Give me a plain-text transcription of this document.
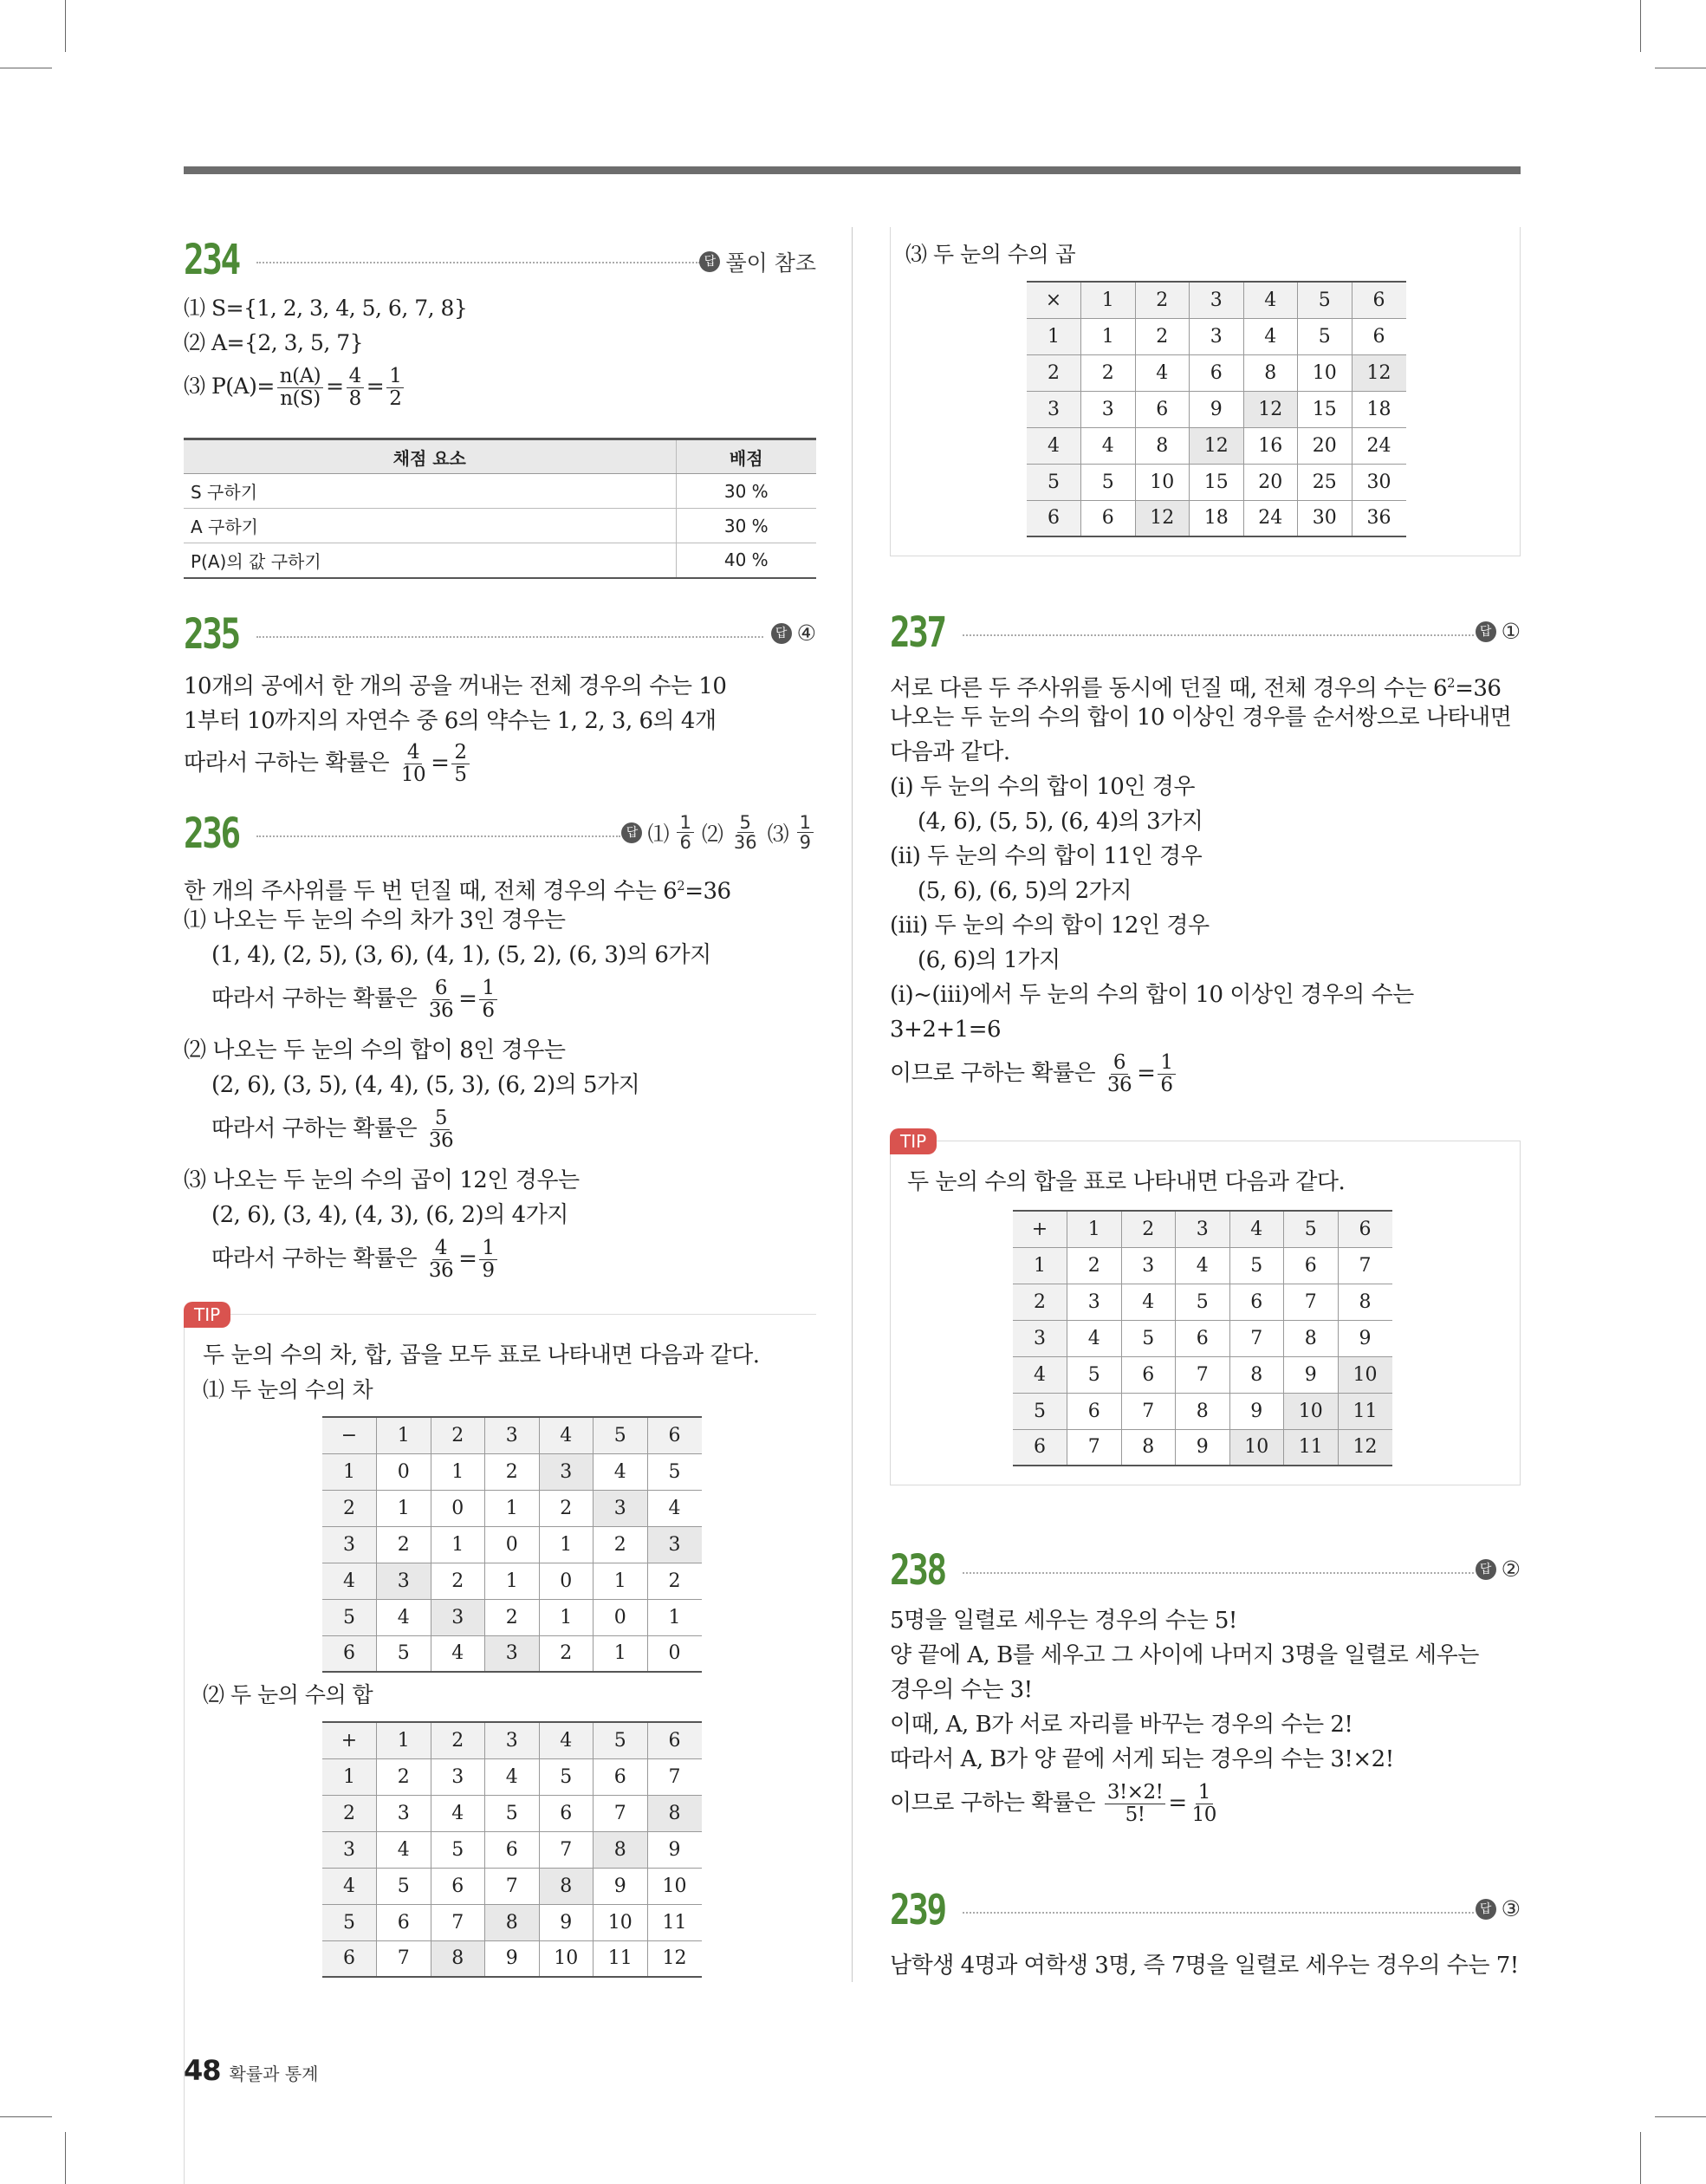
234	답 풀이 참조
⑴ S={1, 2, 3, 4, 5, 6, 7, 8}
⑵ A={2, 3, 5, 7}
⑶ $P(A)= \frac{n(A)}{n(S)} = \frac{4}{8} = \frac{1}{2}$
채점 요소	배점
S 구하기	30 %
A 구하기	30 %
P(A)의 값 구하기	40 %
235	답 ④
10개의 공에서 한 개의 공을 꺼내는 전체 경우의 수는 10
1부터 10까지의 자연수 중 6의 약수는 1, 2, 3, 6의 4개
따라서 구하는 확률은 $\frac{4}{10} = \frac{2}{5}$
236	답 ⑴ $\frac{1}{6}$ ⑵ $\frac{5}{36}$ ⑶ $\frac{1}{9}$
한 개의 주사위를 두 번 던질 때, 전체 경우의 수는 $6^2=36$
⑴ 나오는 두 눈의 수의 차가 3인 경우는
(1, 4), (2, 5), (3, 6), (4, 1), (5, 2), (6, 3)의 6가지
따라서 구하는 확률은 $\frac{6}{36} = \frac{1}{6}$
⑵ 나오는 두 눈의 수의 합이 8인 경우는
(2, 6), (3, 5), (4, 4), (5, 3), (6, 2)의 5가지
따라서 구하는 확률은 $\frac{5}{36}$
⑶ 나오는 두 눈의 수의 곱이 12인 경우는
(2, 6), (3, 4), (4, 3), (6, 2)의 4가지
따라서 구하는 확률은 $\frac{4}{36} = \frac{1}{9}$
TIP
두 눈의 수의 차, 합, 곱을 모두 표로 나타내면 다음과 같다.
⑴ 두 눈의 수의 차
−	1	2	3	4	5	6
1	0	1	2	3	4	5
2	1	0	1	2	3	4
3	2	1	0	1	2	3
4	3	2	1	0	1	2
5	4	3	2	1	0	1
6	5	4	3	2	1	0
⑵ 두 눈의 수의 합
+	1	2	3	4	5	6
1	2	3	4	5	6	7
2	3	4	5	6	7	8
3	4	5	6	7	8	9
4	5	6	7	8	9	10
5	6	7	8	9	10	11
6	7	8	9	10	11	12
⑶ 두 눈의 수의 곱
×	1	2	3	4	5	6
1	1	2	3	4	5	6
2	2	4	6	8	10	12
3	3	6	9	12	15	18
4	4	8	12	16	20	24
5	5	10	15	20	25	30
6	6	12	18	24	30	36
237	답 ①
서로 다른 두 주사위를 동시에 던질 때, 전체 경우의 수는 $6^2=36$
나오는 두 눈의 수의 합이 10 이상인 경우를 순서쌍으로 나타내면
다음과 같다.
(ⅰ) 두 눈의 수의 합이 10인 경우
(4, 6), (5, 5), (6, 4)의 3가지
(ⅱ) 두 눈의 수의 합이 11인 경우
(5, 6), (6, 5)의 2가지
(ⅲ) 두 눈의 수의 합이 12인 경우
(6, 6)의 1가지
(ⅰ)~(ⅲ)에서 두 눈의 수의 합이 10 이상인 경우의 수는
3+2+1=6
이므로 구하는 확률은 $\frac{6}{36} = \frac{1}{6}$
TIP
두 눈의 수의 합을 표로 나타내면 다음과 같다.
+	1	2	3	4	5	6
1	2	3	4	5	6	7
2	3	4	5	6	7	8
3	4	5	6	7	8	9
4	5	6	7	8	9	10
5	6	7	8	9	10	11
6	7	8	9	10	11	12
238	답 ②
5명을 일렬로 세우는 경우의 수는 5!
양 끝에 A, B를 세우고 그 사이에 나머지 3명을 일렬로 세우는
경우의 수는 3!
이때, A, B가 서로 자리를 바꾸는 경우의 수는 2!
따라서 A, B가 양 끝에 서게 되는 경우의 수는 3!×2!
이므로 구하는 확률은 $\frac{3!\times 2!}{5!} = \frac{1}{10}$
239	답 ③
남학생 4명과 여학생 3명, 즉 7명을 일렬로 세우는 경우의 수는 7!
48 확률과 통계
